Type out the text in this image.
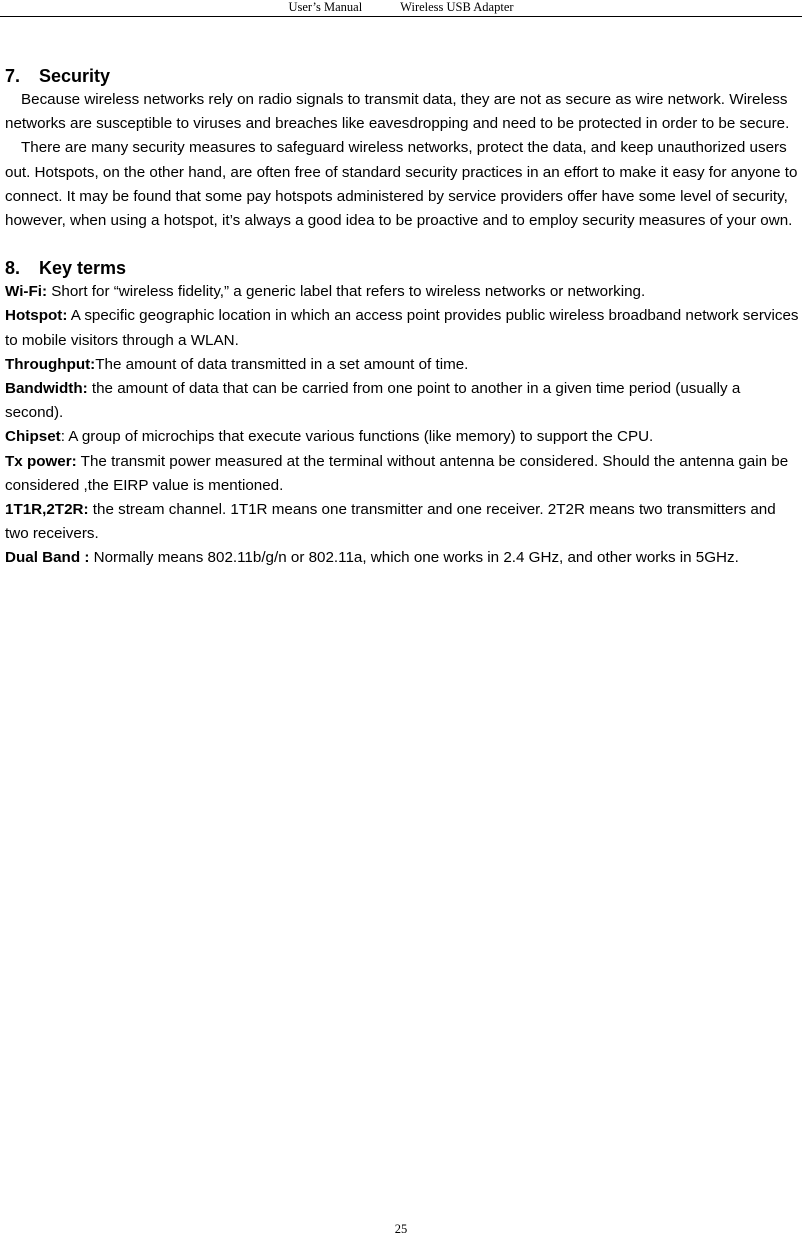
User’s Manual	Wireless USB Adapter
7. Security

Because wireless networks rely on radio signals to transmit data, they are not as secure as wire network. Wireless networks are susceptible to viruses and breaches like eavesdropping and need to be protected in order to be secure.

There are many security measures to safeguard wireless networks, protect the data, and keep unauthorized users out. Hotspots, on the other hand, are often free of standard security practices in an effort to make it easy for anyone to connect. It may be found that some pay hotspots administered by service providers offer have some level of security, however, when using a hotspot, it’s always a good idea to be proactive and to employ security measures of your own.

8. Key terms

Wi-Fi: Short for “wireless fidelity,” a generic label that refers to wireless networks or networking.

Hotspot: A specific geographic location in which an access point provides public wireless broadband network services to mobile visitors through a WLAN.

Throughput:The amount of data transmitted in a set amount of time.

Bandwidth: the amount of data that can be carried from one point to another in a given time period (usually a second).

Chipset: A group of microchips that execute various functions (like memory) to support the CPU.

Tx power: The transmit power measured at the terminal without antenna be considered. Should the antenna gain be considered ,the EIRP value is mentioned.

1T1R,2T2R: the stream channel. 1T1R means one transmitter and one receiver. 2T2R means two transmitters and two receivers.

Dual Band : Normally means 802.11b/g/n or 802.11a, which one works in 2.4 GHz, and other works in 5GHz.

25
